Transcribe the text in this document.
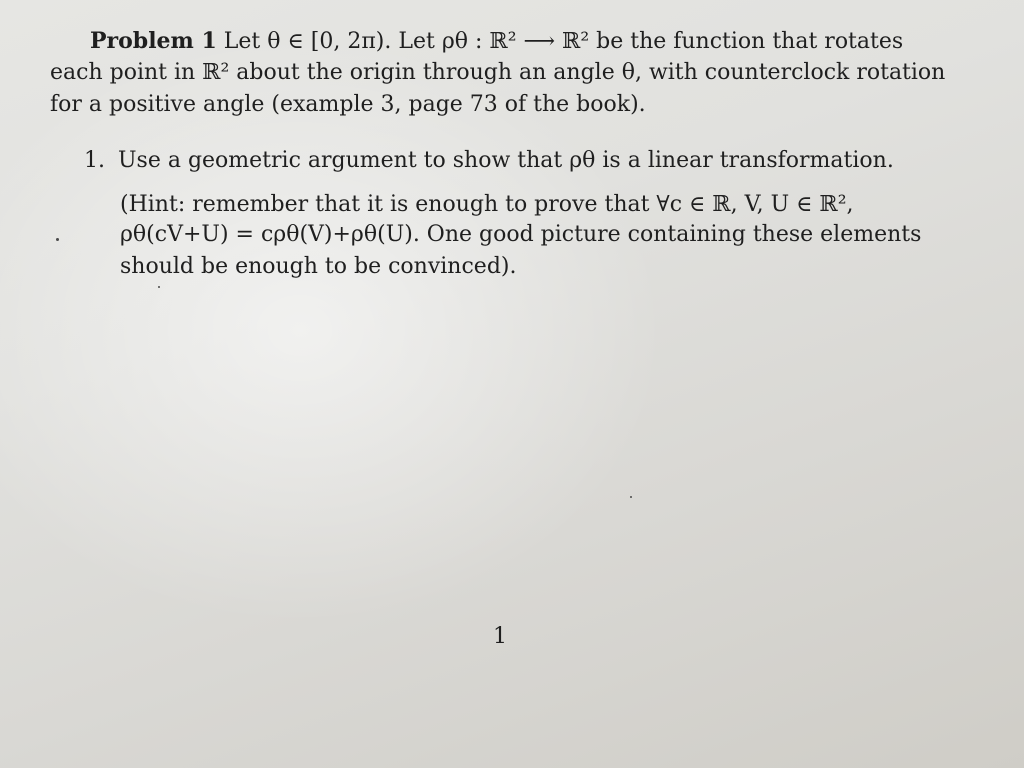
Problem 1 Let θ ∈ [0, 2π). Let ρθ : ℝ² ⟶ ℝ² be the function that rotates
each point in ℝ² about the origin through an angle θ, with counterclock rotation
for a positive angle (example 3, page 73 of the book).
1. Use a geometric argument to show that ρθ is a linear transformation.
(Hint: remember that it is enough to prove that ∀c ∈ ℝ, V, U ∈ ℝ²,
ρθ(cV+U) = cρθ(V)+ρθ(U). One good picture containing these elements
should be enough to be convinced).
1
